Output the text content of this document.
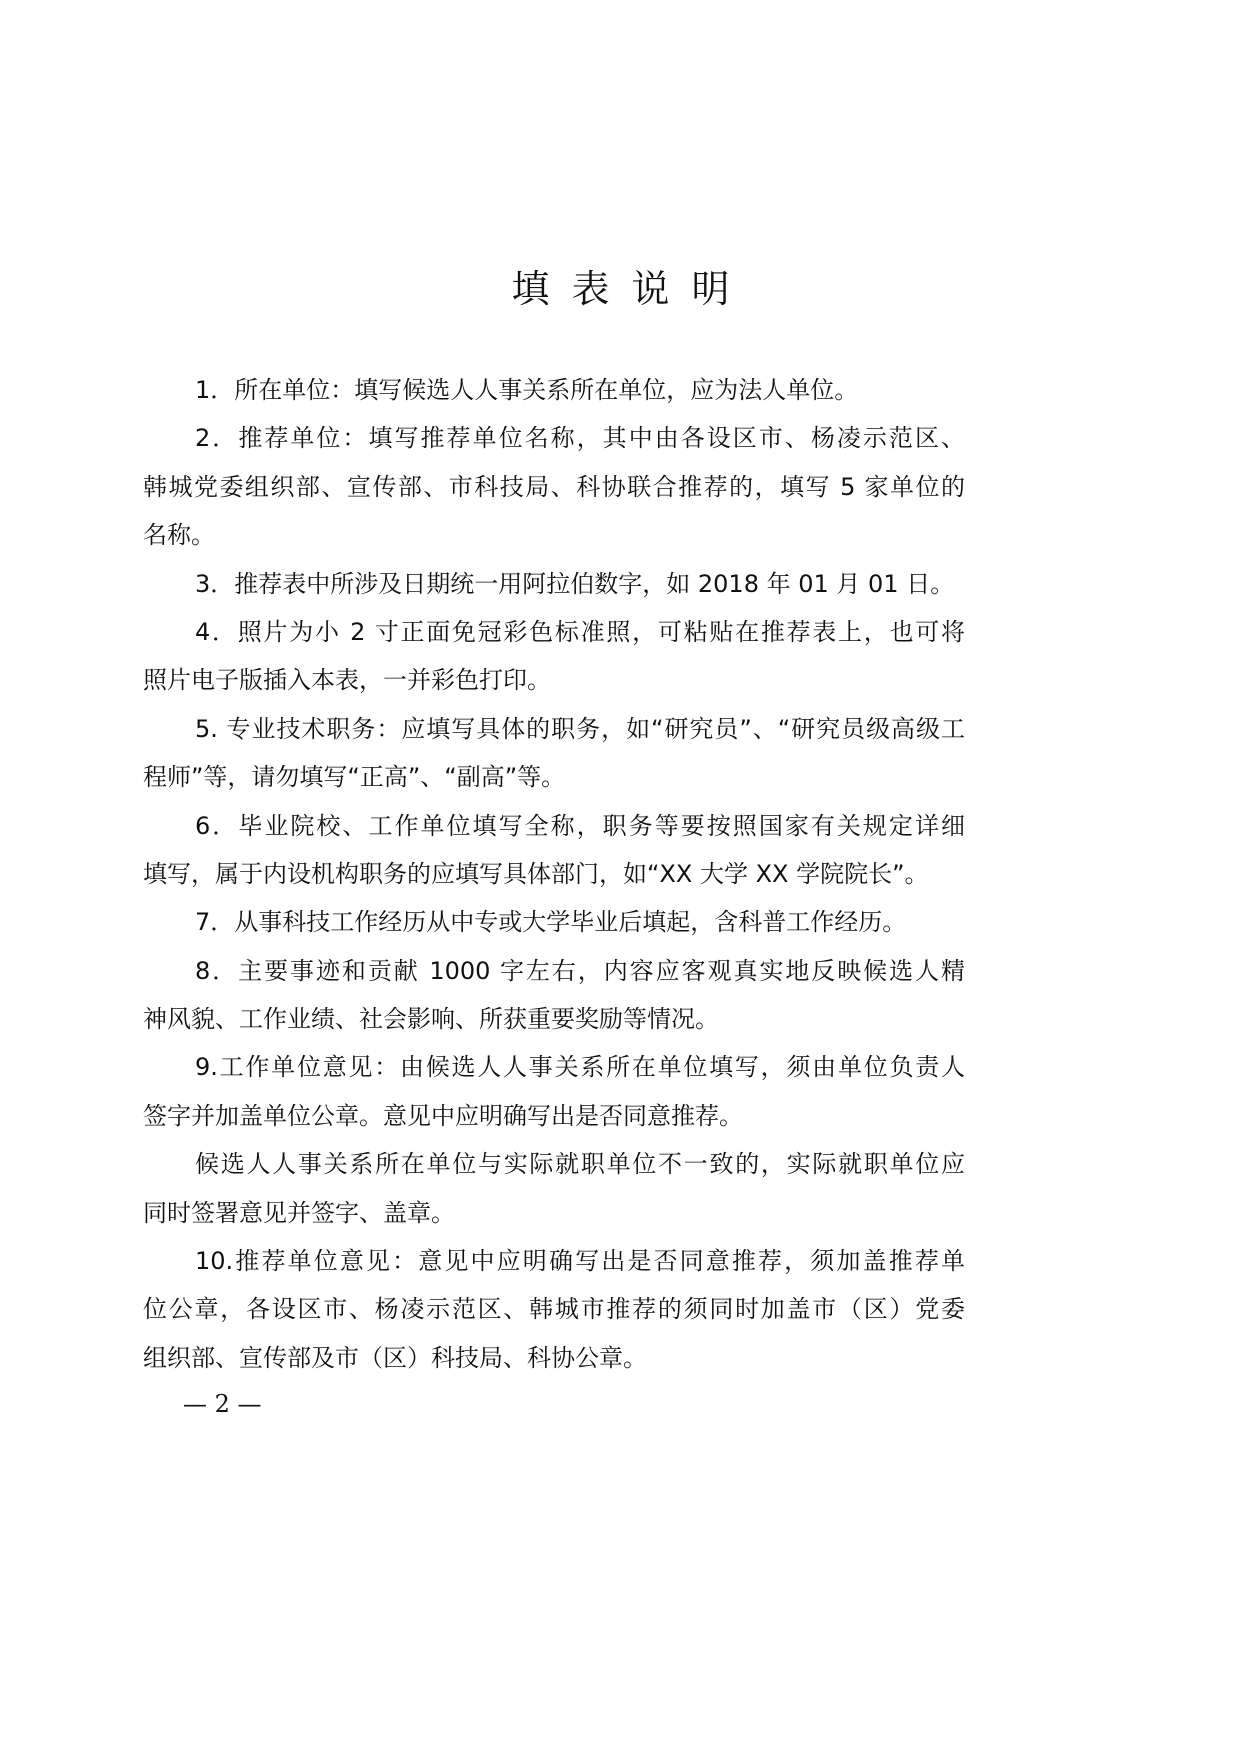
填表说明
1．所在单位：填写候选人人事关系所在单位，应为法人单位。
2．推荐单位：填写推荐单位名称，其中由各设区市、杨凌示范区、
韩城党委组织部、宣传部、市科技局、科协联合推荐的，填写 5 家单位的
名称。
3．推荐表中所涉及日期统一用阿拉伯数字，如 2018 年 01 月 01 日。
4．照片为小 2 寸正面免冠彩色标准照，可粘贴在推荐表上，也可将
照片电子版插入本表，一并彩色打印。
5. 专业技术职务：应填写具体的职务，如“研究员”、“研究员级高级工
程师”等，请勿填写“正高”、“副高”等。
6．毕业院校、工作单位填写全称，职务等要按照国家有关规定详细
填写，属于内设机构职务的应填写具体部门，如“XX 大学 XX 学院院长”。
7．从事科技工作经历从中专或大学毕业后填起，含科普工作经历。
8．主要事迹和贡献 1000 字左右，内容应客观真实地反映候选人精
神风貌、工作业绩、社会影响、所获重要奖励等情况。
9.工作单位意见：由候选人人事关系所在单位填写，须由单位负责人
签字并加盖单位公章。意见中应明确写出是否同意推荐。
候选人人事关系所在单位与实际就职单位不一致的，实际就职单位应
同时签署意见并签字、盖章。
10.推荐单位意见：意见中应明确写出是否同意推荐，须加盖推荐单
位公章，各设区市、杨凌示范区、韩城市推荐的须同时加盖市（区）党委
组织部、宣传部及市（区）科技局、科协公章。
— 2 —
